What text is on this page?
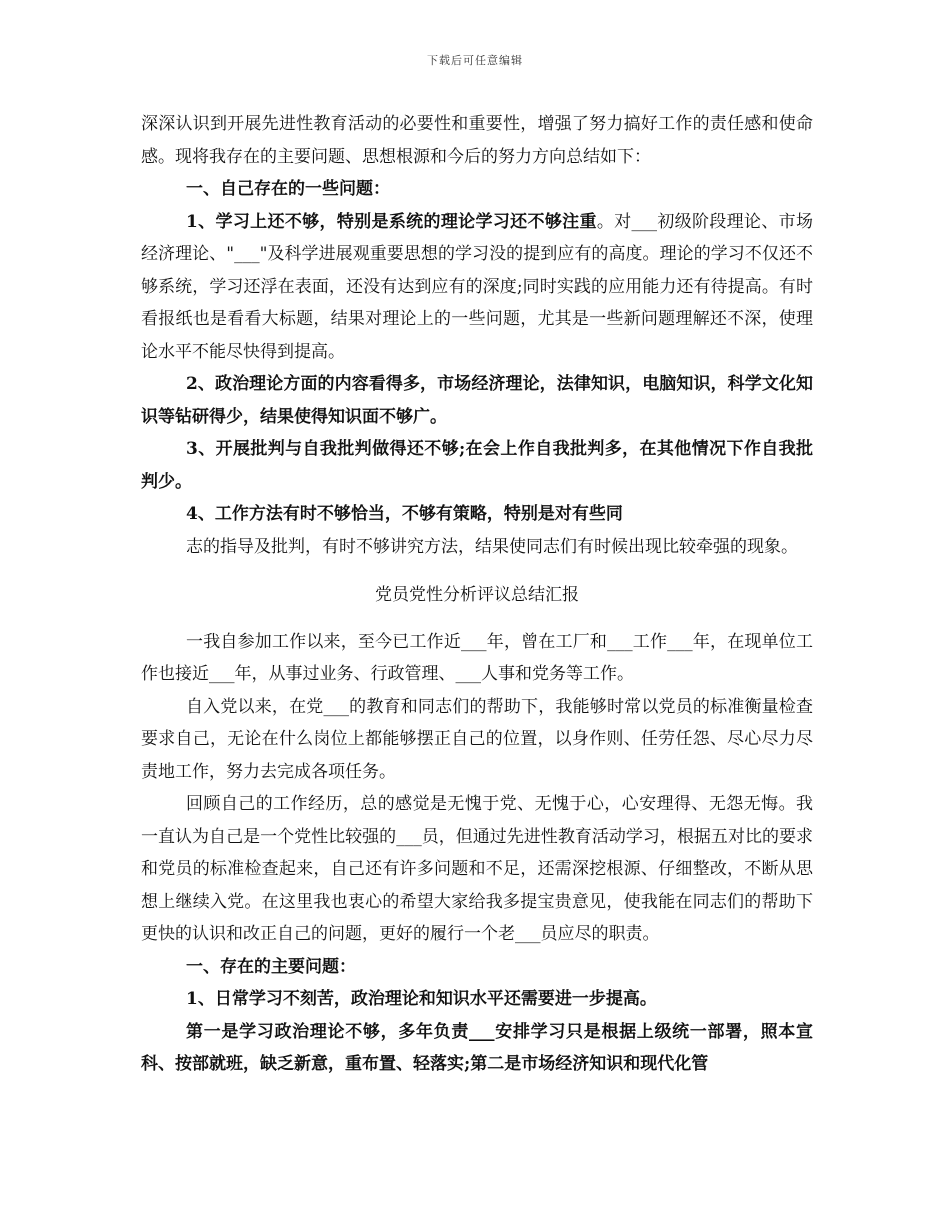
下载后可任意编辑

深深认识到开展先进性教育活动的必要性和重要性，增强了努力搞好工作的责任感和使命感。现将我存在的主要问题、思想根源和今后的努力方向总结如下：

一、自己存在的一些问题：

1、学习上还不够，特别是系统的理论学习还不够注重。对___初级阶段理论、市场经济理论、"___"及科学进展观重要思想的学习没的提到应有的高度。理论的学习不仅还不够系统，学习还浮在表面，还没有达到应有的深度;同时实践的应用能力还有待提高。有时看报纸也是看看大标题，结果对理论上的一些问题，尤其是一些新问题理解还不深，使理论水平不能尽快得到提高。

2、政治理论方面的内容看得多，市场经济理论，法律知识，电脑知识，科学文化知识等钻研得少，结果使得知识面不够广。

3、开展批判与自我批判做得还不够;在会上作自我批判多，在其他情况下作自我批判少。

4、工作方法有时不够恰当，不够有策略，特别是对有些同

志的指导及批判，有时不够讲究方法，结果使同志们有时候出现比较牵强的现象。

党员党性分析评议总结汇报

一我自参加工作以来，至今已工作近___年，曾在工厂和___工作___年，在现单位工作也接近___年，从事过业务、行政管理、___人事和党务等工作。

自入党以来，在党___的教育和同志们的帮助下，我能够时常以党员的标准衡量检查要求自己，无论在什么岗位上都能够摆正自己的位置，以身作则、任劳任怨、尽心尽力尽责地工作，努力去完成各项任务。

回顾自己的工作经历，总的感觉是无愧于党、无愧于心，心安理得、无怨无悔。我一直认为自己是一个党性比较强的___员，但通过先进性教育活动学习，根据五对比的要求和党员的标准检查起来，自己还有许多问题和不足，还需深挖根源、仔细整改，不断从思想上继续入党。在这里我也衷心的希望大家给我多提宝贵意见，使我能在同志们的帮助下更快的认识和改正自己的问题，更好的履行一个老___员应尽的职责。

一、存在的主要问题：

1、日常学习不刻苦，政治理论和知识水平还需要进一步提高。

第一是学习政治理论不够，多年负责___安排学习只是根据上级统一部署，照本宣科、按部就班，缺乏新意，重布置、轻落实;第二是市场经济知识和现代化管
